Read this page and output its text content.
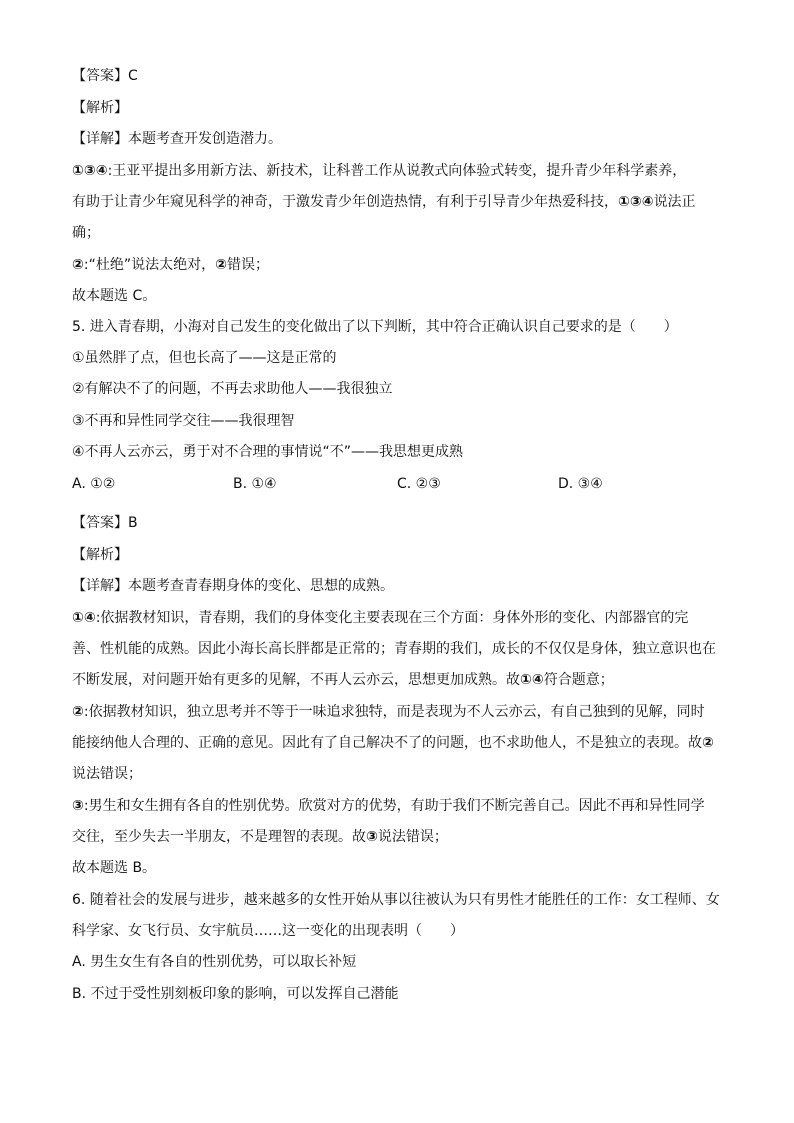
【答案】C
【解析】
【详解】本题考查开发创造潜力。
①③④:王亚平提出多用新方法、新技术，让科普工作从说教式向体验式转变，提升青少年科学素养，
有助于让青少年窥见科学的神奇，于激发青少年创造热情，有利于引导青少年热爱科技，①③④说法正
确；
②:“杜绝”说法太绝对，②错误；
故本题选 C。
5. 进入青春期，小海对自己发生的变化做出了以下判断，其中符合正确认识自己要求的是（　　）
①虽然胖了点，但也长高了——这是正常的
②有解决不了的问题，不再去求助他人——我很独立
③不再和异性同学交往——我很理智
④不再人云亦云，勇于对不合理的事情说“不”——我思想更成熟
A. ①②	B. ①④	C. ②③	D. ③④
【答案】B
【解析】
【详解】本题考查青春期身体的变化、思想的成熟。
①④:依据教材知识，青春期，我们的身体变化主要表现在三个方面：身体外形的变化、内部器官的完
善、性机能的成熟。因此小海长高长胖都是正常的；青春期的我们，成长的不仅仅是身体，独立意识也在
不断发展，对问题开始有更多的见解，不再人云亦云，思想更加成熟。故①④符合题意；
②:依据教材知识，独立思考并不等于一味追求独特，而是表现为不人云亦云，有自己独到的见解，同时
能接纳他人合理的、正确的意见。因此有了自己解决不了的问题，也不求助他人，不是独立的表现。故②
说法错误；
③:男生和女生拥有各自的性别优势。欣赏对方的优势，有助于我们不断完善自己。因此不再和异性同学
交往，至少失去一半朋友，不是理智的表现。故③说法错误；
故本题选 B。
6. 随着社会的发展与进步，越来越多的女性开始从事以往被认为只有男性才能胜任的工作：女工程师、女
科学家、女飞行员、女宇航员……这一变化的出现表明（　　）
A. 男生女生有各自的性别优势，可以取长补短
B. 不过于受性别刻板印象的影响，可以发挥自己潜能
